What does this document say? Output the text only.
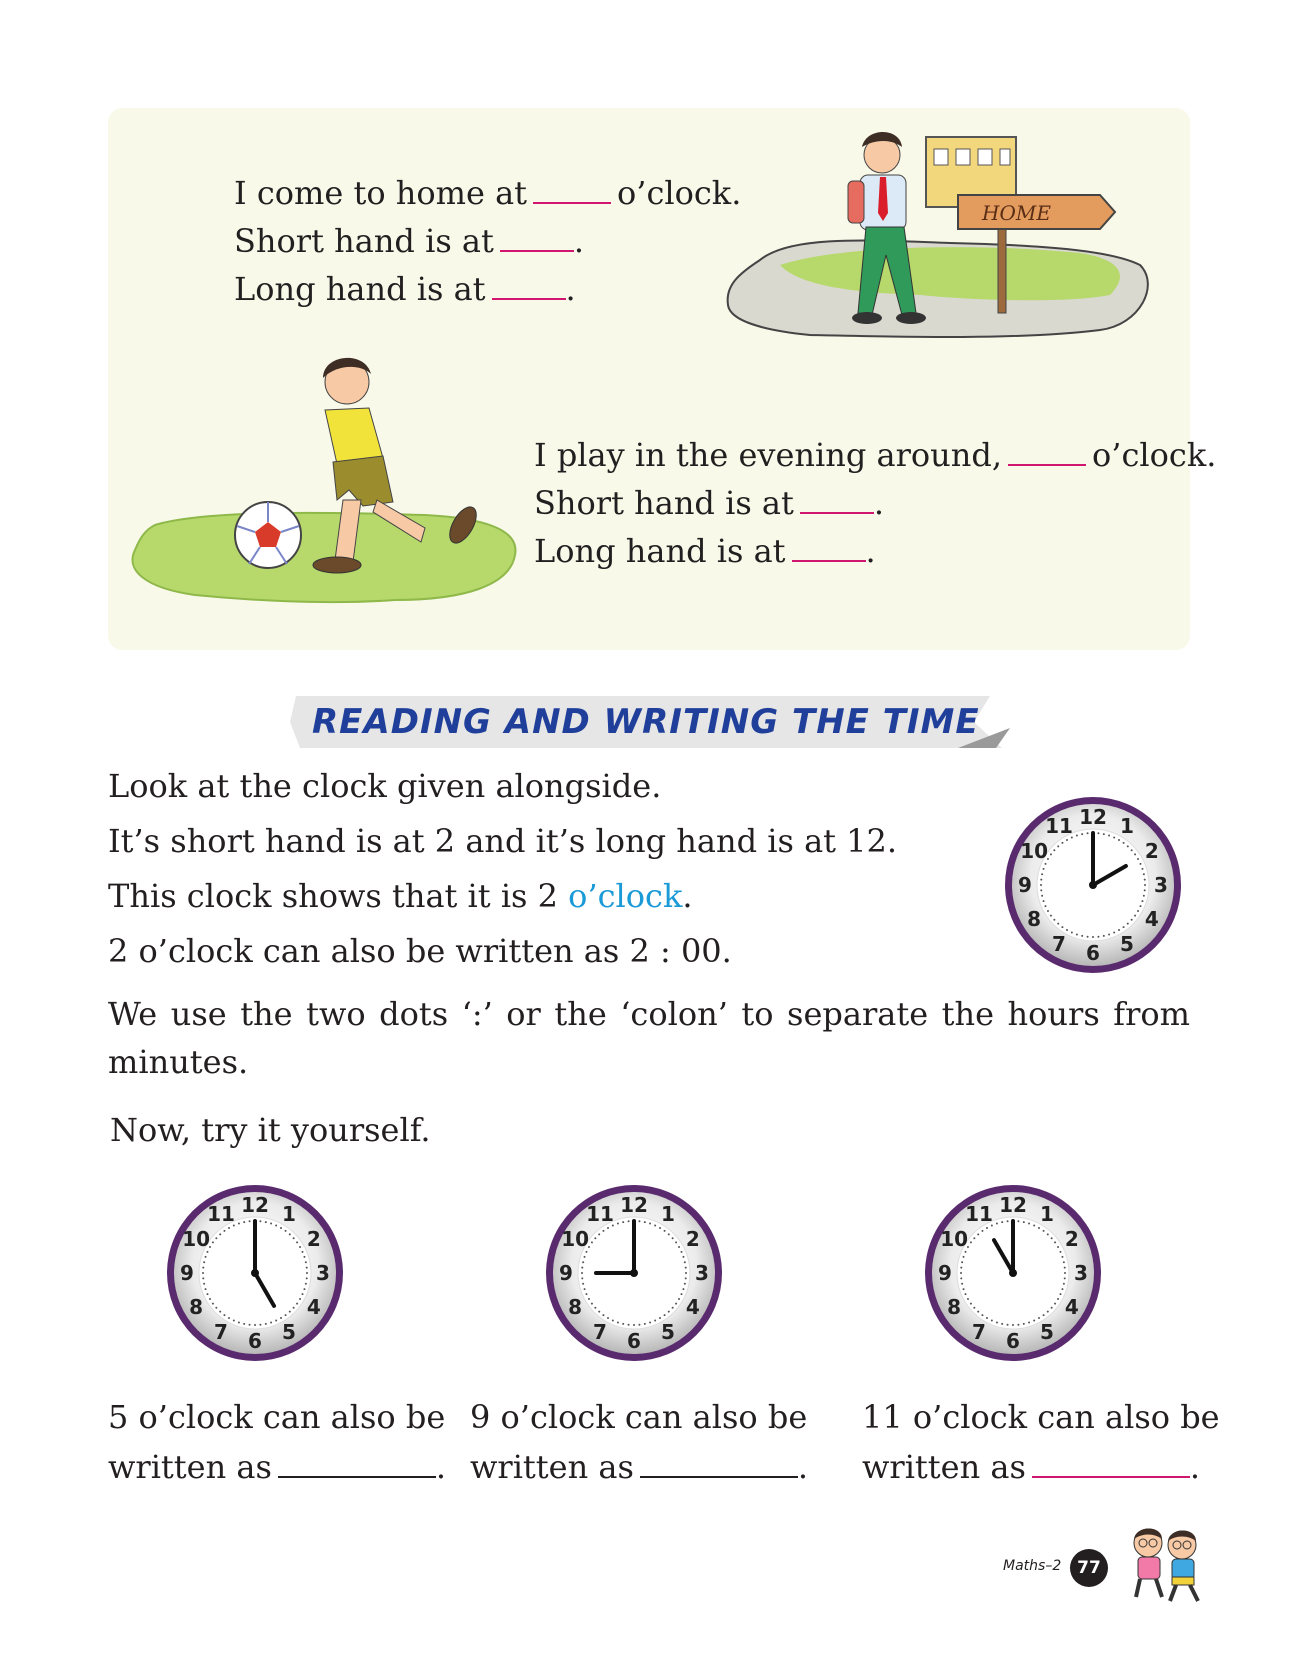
HOME
I come to home at	o’clock.
Short hand is at	.
Long hand is at	.
I play in the evening around,	o’clock.
Short hand is at	.
Long hand is at	.
READING AND WRITING THE TIME
Look at the clock given alongside.
It’s short hand is at 2 and it’s long hand is at 12.
This clock shows that it is 2 o’clock.
2 o’clock can also be written as 2 : 00.
We use the two dots ‘:’ or the ‘colon’ to separate the hours from minutes.
Now, try it yourself.
12 1
2
3
4
5
6
7
8
9
10
11
12 1
2
3
4
5
6
7
8
9
10
11	12 1
2
3
4
5
6
7
8
9
10
11	12 1
2
3
4
5
6
7
8
9
10
11
5 o’clock can also be
written as	.
9 o’clock can also be
written as	.
11 o’clock can also be
written as	.
Maths–2 77
